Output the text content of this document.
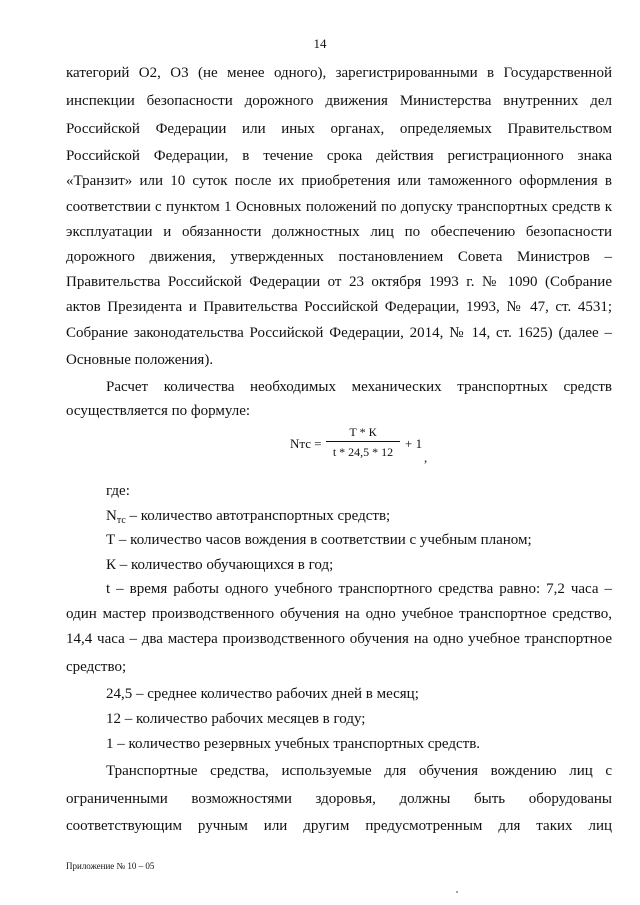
14
категорий О2, О3 (не менее одного), зарегистрированными в Государственной
инспекции безопасности дорожного движения Министерства внутренних дел
Российской Федерации или иных органах, определяемых Правительством
Российской Федерации, в течение срока действия регистрационного знака
«Транзит» или 10 суток после их приобретения или таможенного оформления в
соответствии с пунктом 1 Основных положений по допуску транспортных средств к
эксплуатации и обязанности должностных лиц по обеспечению безопасности
дорожного движения, утвержденных постановлением Совета Министров –
Правительства Российской Федерации от 23 октября 1993 г. № 1090 (Собрание
актов Президента и Правительства Российской Федерации, 1993, № 47, ст. 4531;
Собрание законодательства Российской Федерации, 2014, № 14, ст. 1625) (далее –
Основные положения).
Расчет количества необходимых механических транспортных средств
осуществляется по формуле:
Nтс =
Т * К
t * 24,5 * 12
+ 1
,
где:
$N_{тс}$ – количество автотранспортных средств;
Т – количество часов вождения в соответствии с учебным планом;
К – количество обучающихся в год;
t – время работы одного учебного транспортного средства равно: 7,2 часа –
один мастер производственного обучения на одно учебное транспортное средство,
14,4 часа – два мастера производственного обучения на одно учебное транспортное
средство;
24,5 – среднее количество рабочих дней в месяц;
12 – количество рабочих месяцев в году;
1 – количество резервных учебных транспортных средств.
Транспортные средства, используемые для обучения вождению лиц с
ограниченными возможностями здоровья, должны быть оборудованы
соответствующим ручным или другим предусмотренным для таких лиц
Приложение № 10 – 05
